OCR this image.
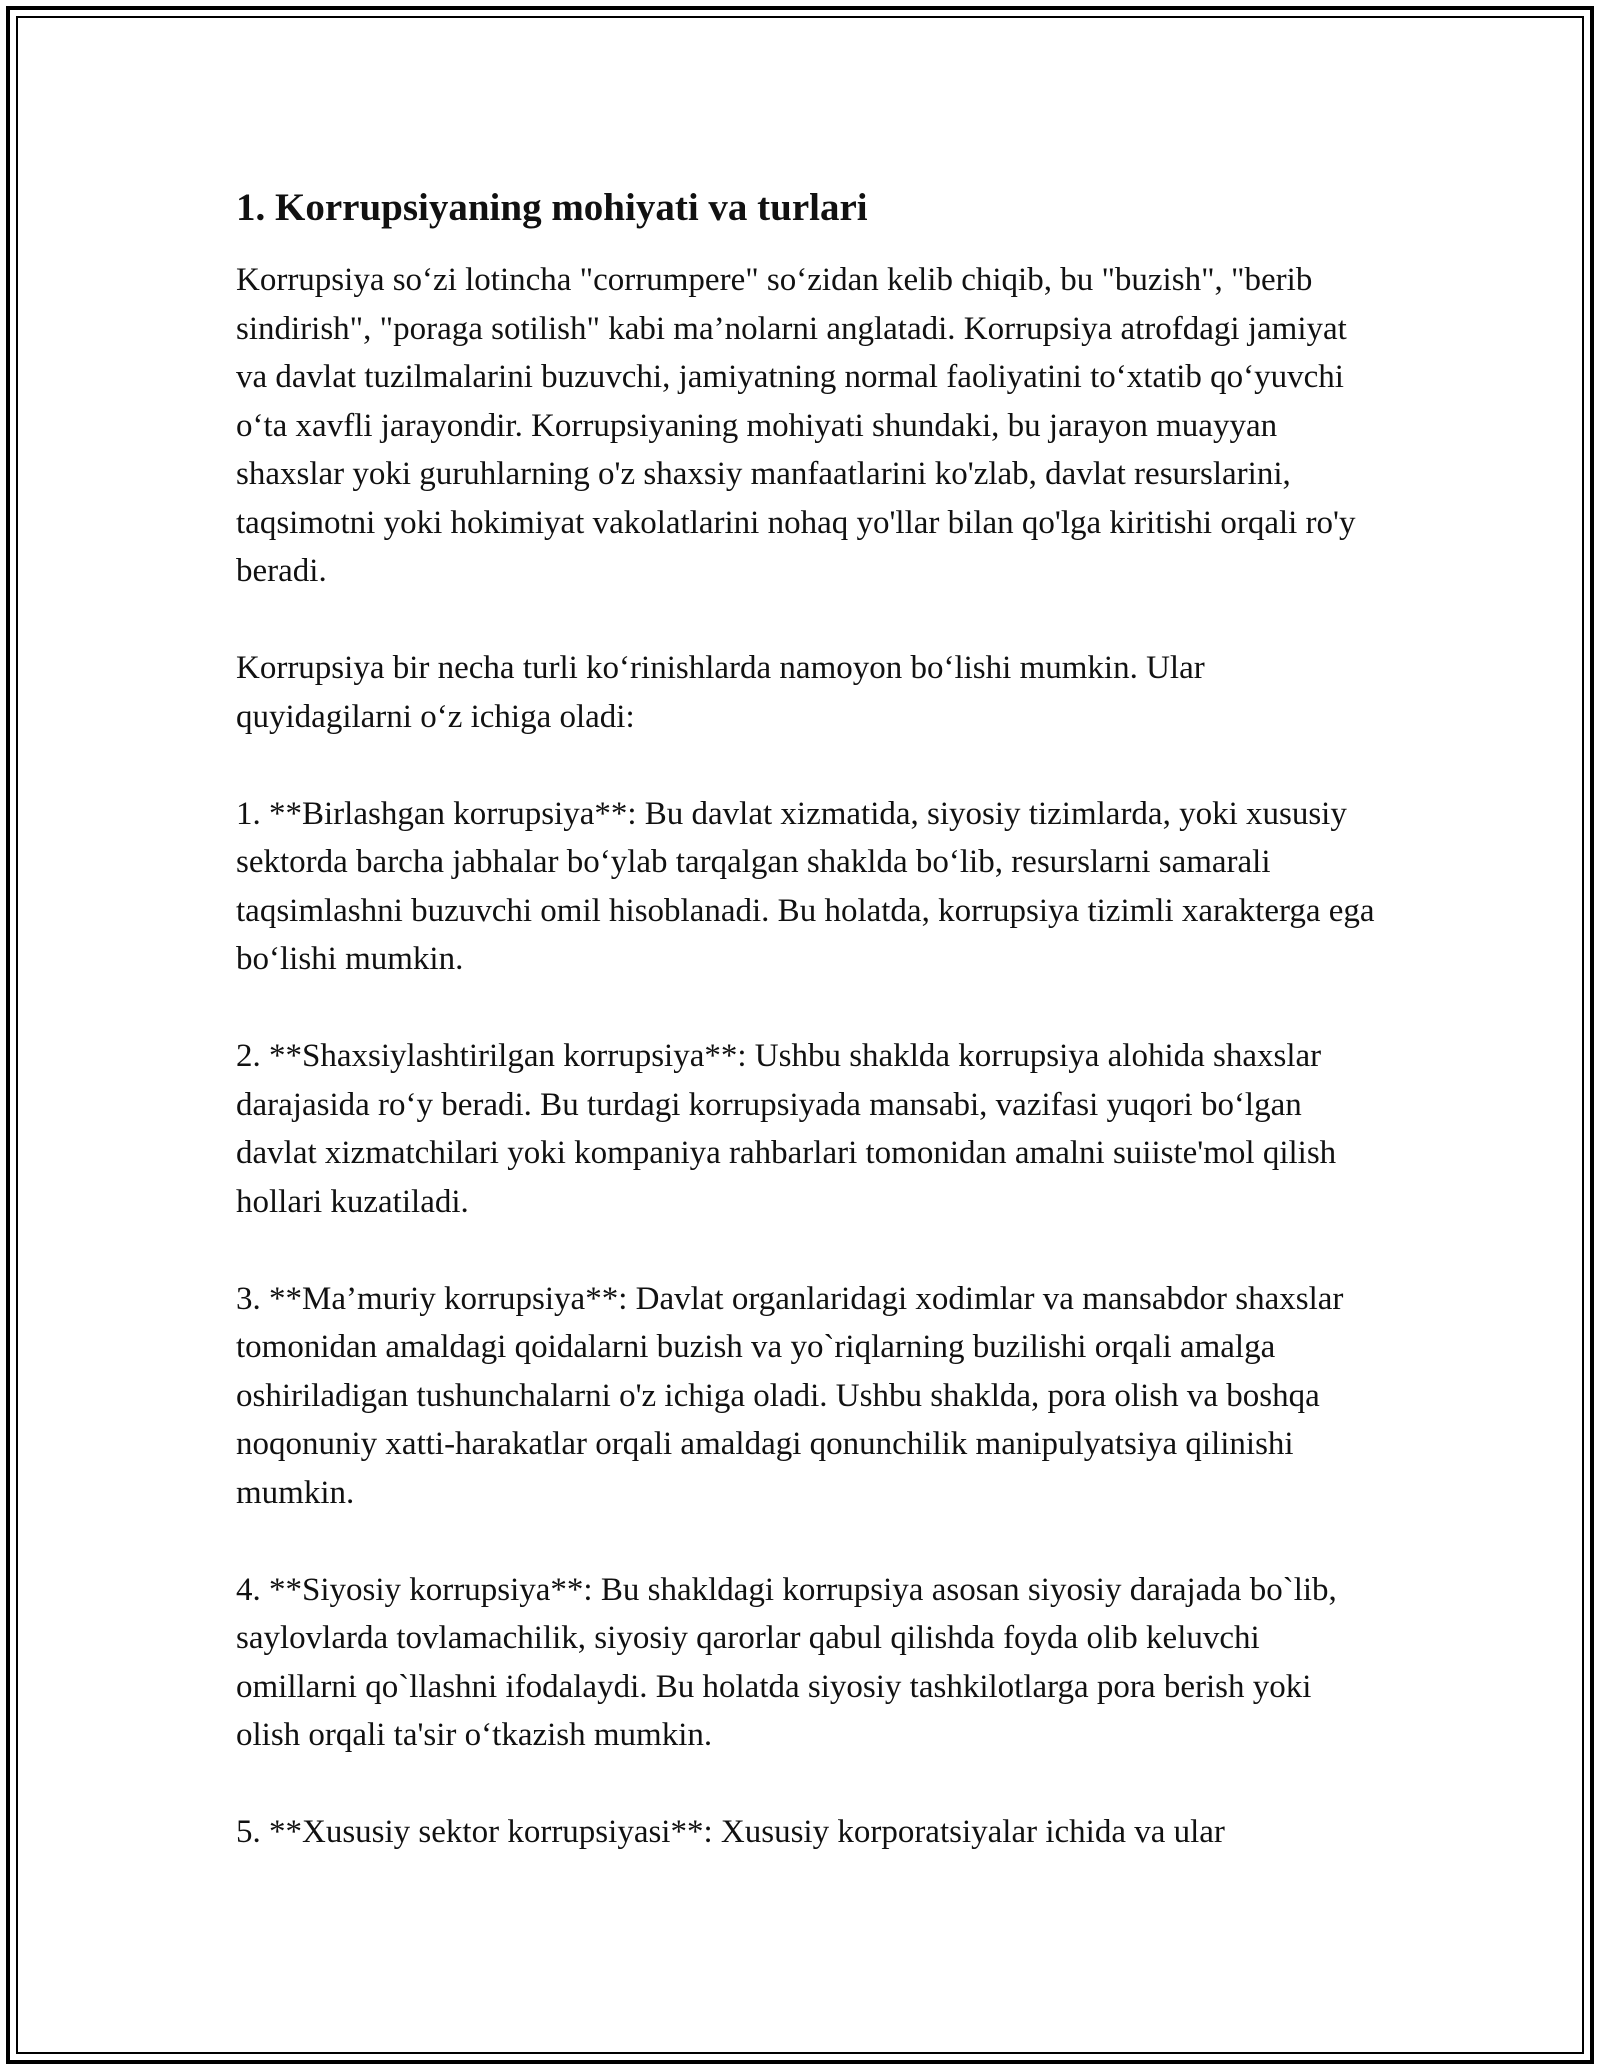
1. Korrupsiyaning mohiyati va turlari

Korrupsiya so‘zi lotincha "corrumpere" so‘zidan kelib chiqib, bu "buzish", "berib sindirish", "poraga sotilish" kabi ma’nolarni anglatadi. Korrupsiya atrofdagi jamiyat va davlat tuzilmalarini buzuvchi, jamiyatning normal faoliyatini to‘xtatib qo‘yuvchi o‘ta xavfli jarayondir. Korrupsiyaning mohiyati shundaki, bu jarayon muayyan shaxslar yoki guruhlarning o'z shaxsiy manfaatlarini ko'zlab, davlat resurslarini, taqsimotni yoki hokimiyat vakolatlarini nohaq yo'llar bilan qo'lga kiritishi orqali ro'y beradi.

Korrupsiya bir necha turli ko‘rinishlarda namoyon bo‘lishi mumkin. Ular quyidagilarni o‘z ichiga oladi:

1. **Birlashgan korrupsiya**: Bu davlat xizmatida, siyosiy tizimlarda, yoki xususiy sektorda barcha jabhalar bo‘ylab tarqalgan shaklda bo‘lib, resurslarni samarali taqsimlashni buzuvchi omil hisoblanadi. Bu holatda, korrupsiya tizimli xarakterga ega bo‘lishi mumkin.

2. **Shaxsiylashtirilgan korrupsiya**: Ushbu shaklda korrupsiya alohida shaxslar darajasida ro‘y beradi. Bu turdagi korrupsiyada mansabi, vazifasi yuqori bo‘lgan davlat xizmatchilari yoki kompaniya rahbarlari tomonidan amalni suiiste'mol qilish hollari kuzatiladi.

3. **Ma’muriy korrupsiya**: Davlat organlaridagi xodimlar va mansabdor shaxslar tomonidan amaldagi qoidalarni buzish va yo`riqlarning buzilishi orqali amalga oshiriladigan tushunchalarni o'z ichiga oladi. Ushbu shaklda, pora olish va boshqa noqonuniy xatti-harakatlar orqali amaldagi qonunchilik manipulyatsiya qilinishi mumkin.

4. **Siyosiy korrupsiya**: Bu shakldagi korrupsiya asosan siyosiy darajada bo`lib, saylovlarda tovlamachilik, siyosiy qarorlar qabul qilishda foyda olib keluvchi omillarni qo`llashni ifodalaydi. Bu holatda siyosiy tashkilotlarga pora berish yoki olish orqali ta'sir o‘tkazish mumkin.

5. **Xususiy sektor korrupsiyasi**: Xususiy korporatsiyalar ichida va ular
